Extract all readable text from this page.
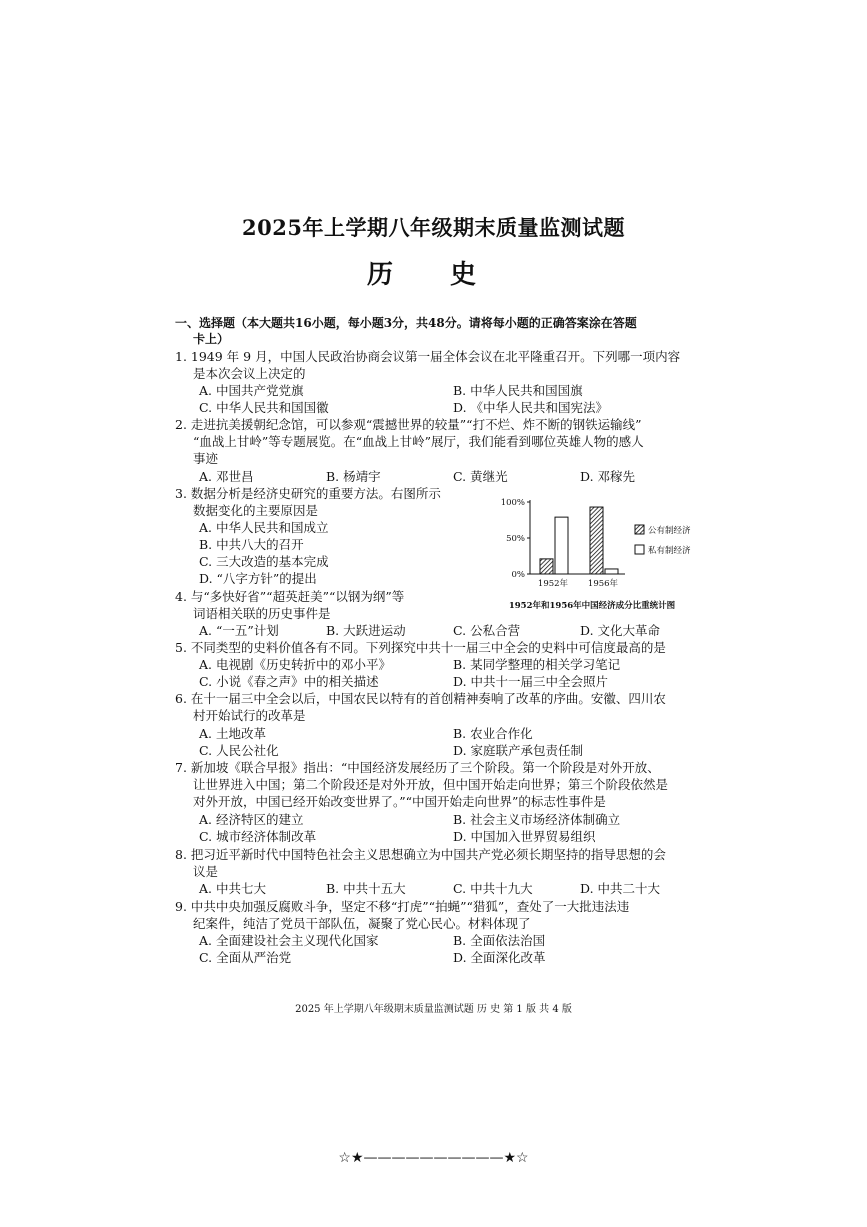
2025年上学期八年级期末质量监测试题
历 史
一、选择题（本大题共16小题，每小题3分，共48分。请将每小题的正确答案涂在答题
卡上）
1. 1949 年 9 月，中国人民政治协商会议第一届全体会议在北平隆重召开。下列哪一项内容
是本次会议上决定的
A. 中国共产党党旗	B. 中华人民共和国国旗
C. 中华人民共和国国徽	D. 《中华人民共和国宪法》
2. 走进抗美援朝纪念馆，可以参观“震撼世界的较量”“打不烂、炸不断的钢铁运输线”
“血战上甘岭”等专题展览。在“血战上甘岭”展厅，我们能看到哪位英雄人物的感人
事迹
A. 邓世昌	B. 杨靖宇	C. 黄继光	D. 邓稼先
3. 数据分析是经济史研究的重要方法。右图所示
数据变化的主要原因是
A. 中华人民共和国成立
B. 中共八大的召开
C. 三大改造的基本完成
D. “八字方针”的提出
100%
50%
0%
1952年 1956年
公有制经济
私有制经济
1952年和1956年中国经济成分比重统计图
4. 与“多快好省”“超英赶美”“以钢为纲”等
词语相关联的历史事件是
A. “一五”计划	B. 大跃进运动	C. 公私合营	D. 文化大革命
5. 不同类型的史料价值各有不同。下列探究中共十一届三中全会的史料中可信度最高的是
A. 电视剧《历史转折中的邓小平》	B. 某同学整理的相关学习笔记
C. 小说《春之声》中的相关描述	D. 中共十一届三中全会照片
6. 在十一届三中全会以后，中国农民以特有的首创精神奏响了改革的序曲。安徽、四川农
村开始试行的改革是
A. 土地改革	B. 农业合作化
C. 人民公社化	D. 家庭联产承包责任制
7. 新加坡《联合早报》指出：“中国经济发展经历了三个阶段。第一个阶段是对外开放、
让世界进入中国；第二个阶段还是对外开放，但中国开始走向世界；第三个阶段依然是
对外开放，中国已经开始改变世界了。”“中国开始走向世界”的标志性事件是
A. 经济特区的建立	B. 社会主义市场经济体制确立
C. 城市经济体制改革	D. 中国加入世界贸易组织
8. 把习近平新时代中国特色社会主义思想确立为中国共产党必须长期坚持的指导思想的会
议是
A. 中共七大	B. 中共十五大	C. 中共十九大	D. 中共二十大
9. 中共中央加强反腐败斗争，坚定不移“打虎”“拍蝇”“猎狐”，查处了一大批违法违
纪案件，纯洁了党员干部队伍，凝聚了党心民心。材料体现了
A. 全面建设社会主义现代化国家	B. 全面依法治国
C. 全面从严治党	D. 全面深化改革
2025 年上学期八年级期末质量监测试题 历 史 第 1 版 共 4 版
☆★——————————★☆
